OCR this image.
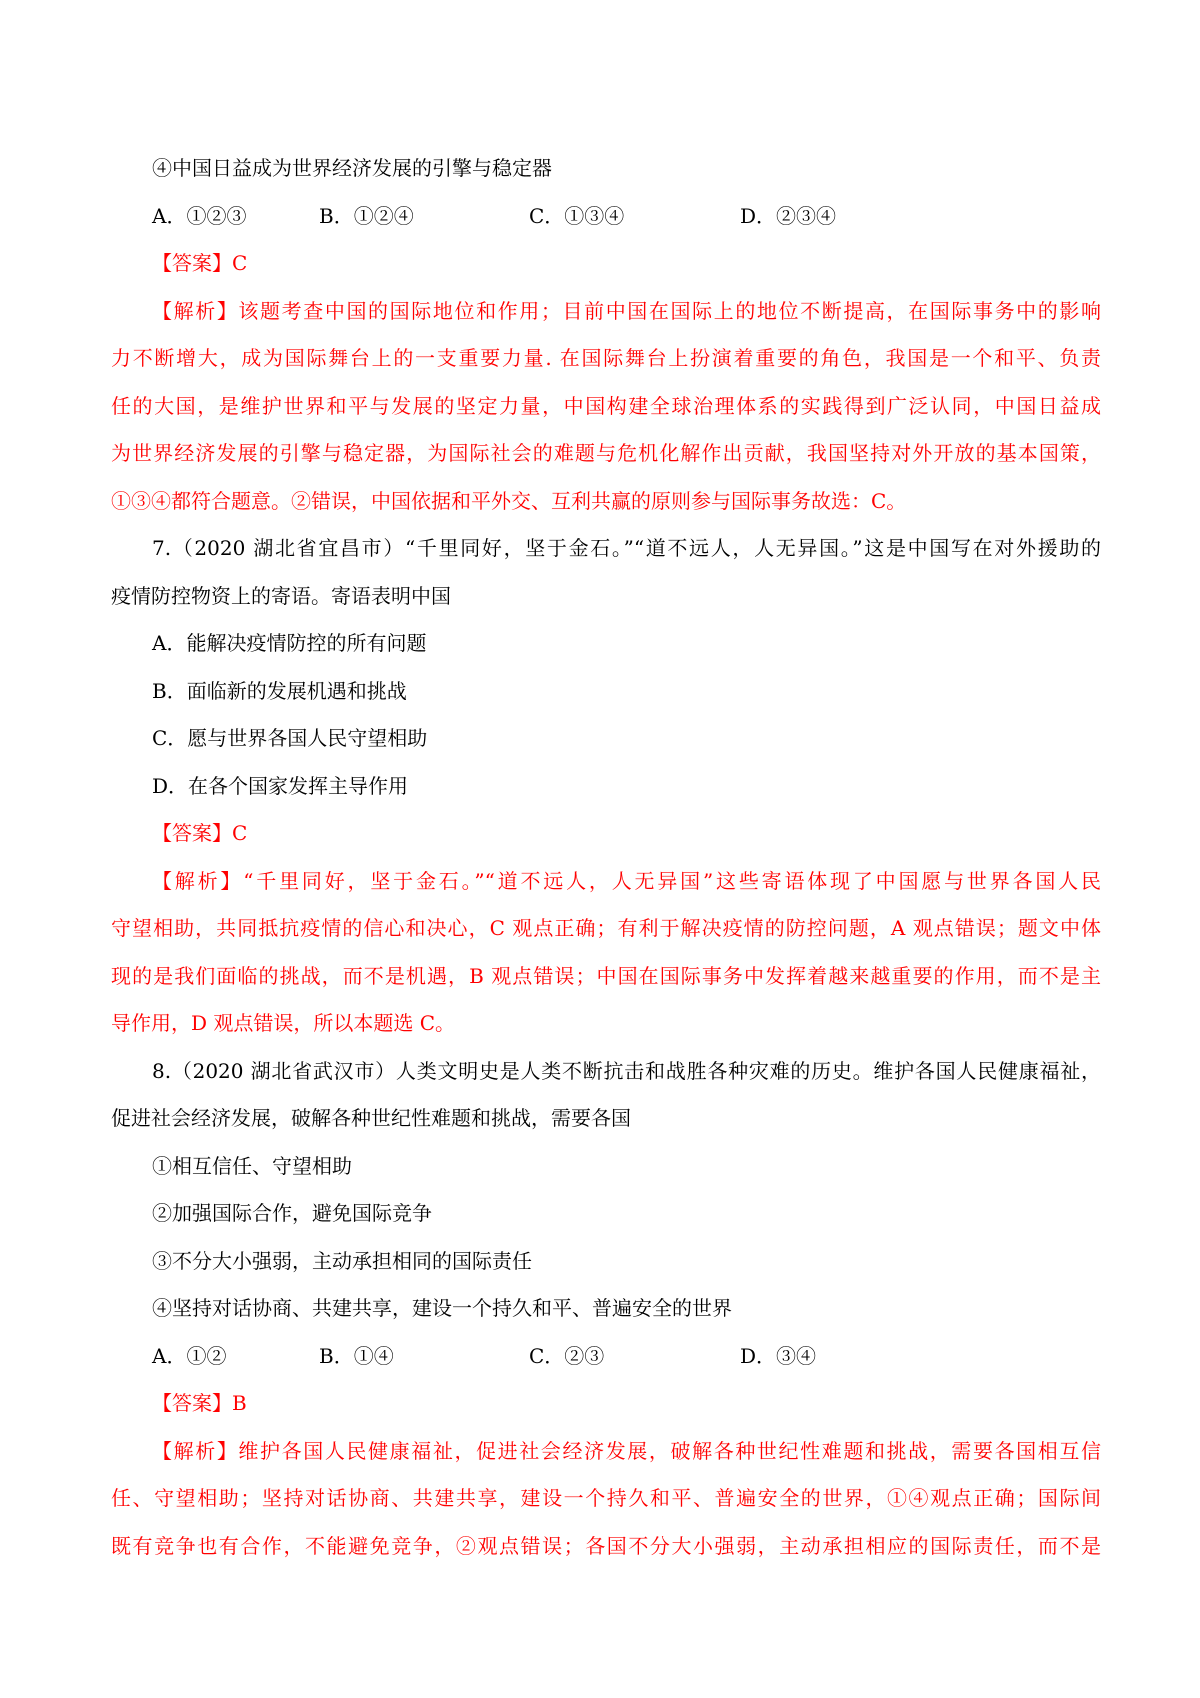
④中国日益成为世界经济发展的引擎与稳定器

A．①②③	B．①②④	C．①③④	D．②③④

【答案】C

【解析】该题考查中国的国际地位和作用；目前中国在国际上的地位不断提高，在国际事务中的影响

力不断增大，成为国际舞台上的一支重要力量. 在国际舞台上扮演着重要的角色，我国是一个和平、负责

任的大国，是维护世界和平与发展的坚定力量，中国构建全球治理体系的实践得到广泛认同，中国日益成

为世界经济发展的引擎与稳定器，为国际社会的难题与危机化解作出贡献，我国坚持对外开放的基本国策，

①③④都符合题意。②错误，中国依据和平外交、互利共赢的原则参与国际事务故选：C。

7.（2020 湖北省宜昌市）“千里同好，坚于金石。”“道不远人，人无异国。”这是中国写在对外援助的

疫情防控物资上的寄语。寄语表明中国

A．能解决疫情防控的所有问题

B．面临新的发展机遇和挑战

C．愿与世界各国人民守望相助

D．在各个国家发挥主导作用

【答案】C

【解析】“千里同好，坚于金石。”“道不远人，人无异国”这些寄语体现了中国愿与世界各国人民

守望相助，共同抵抗疫情的信心和决心，C 观点正确；有利于解决疫情的防控问题，A 观点错误；题文中体

现的是我们面临的挑战，而不是机遇，B 观点错误；中国在国际事务中发挥着越来越重要的作用，而不是主

导作用，D 观点错误，所以本题选 C。

8.（2020 湖北省武汉市）人类文明史是人类不断抗击和战胜各种灾难的历史。维护各国人民健康福祉，

促进社会经济发展，破解各种世纪性难题和挑战，需要各国

①相互信任、守望相助

②加强国际合作，避免国际竞争

③不分大小强弱，主动承担相同的国际责任

④坚持对话协商、共建共享，建设一个持久和平、普遍安全的世界

A．①②	B．①④	C．②③	D．③④

【答案】B

【解析】维护各国人民健康福祉，促进社会经济发展，破解各种世纪性难题和挑战，需要各国相互信

任、守望相助；坚持对话协商、共建共享，建设一个持久和平、普遍安全的世界，①④观点正确；国际间

既有竞争也有合作，不能避免竞争，②观点错误；各国不分大小强弱，主动承担相应的国际责任，而不是
